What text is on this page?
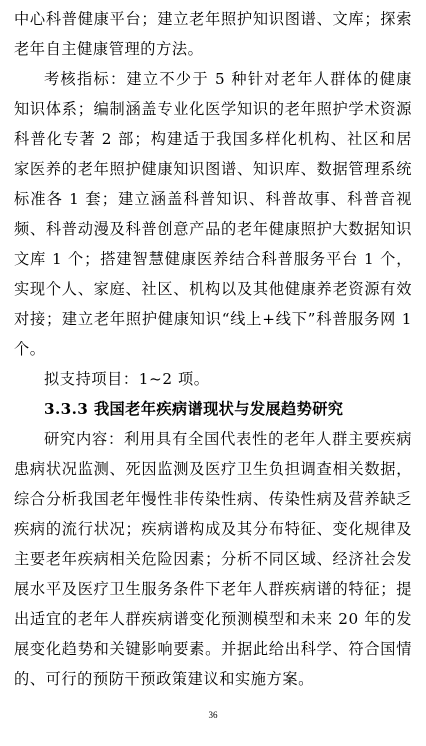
中心科普健康平台；建立老年照护知识图谱、文库；探索老年自主健康管理的方法。

考核指标：建立不少于 5 种针对老年人群体的健康知识体系；编制涵盖专业化医学知识的老年照护学术资源科普化专著 2 部；构建适于我国多样化机构、社区和居家医养的老年照护健康知识图谱、知识库、数据管理系统标准各 1 套；建立涵盖科普知识、科普故事、科普音视频、科普动漫及科普创意产品的老年健康照护大数据知识文库 1 个；搭建智慧健康医养结合科普服务平台 1 个，实现个人、家庭、社区、机构以及其他健康养老资源有效对接；建立老年照护健康知识“线上+线下”科普服务网 1 个。

拟支持项目：1~2 项。

3.3.3 我国老年疾病谱现状与发展趋势研究

研究内容：利用具有全国代表性的老年人群主要疾病患病状况监测、死因监测及医疗卫生负担调查相关数据，综合分析我国老年慢性非传染性病、传染性病及营养缺乏疾病的流行状况；疾病谱构成及其分布特征、变化规律及主要老年疾病相关危险因素；分析不同区域、经济社会发展水平及医疗卫生服务条件下老年人群疾病谱的特征；提出适宜的老年人群疾病谱变化预测模型和未来 20 年的发展变化趋势和关键影响要素。并据此给出科学、符合国情的、可行的预防干预政策建议和实施方案。

36
